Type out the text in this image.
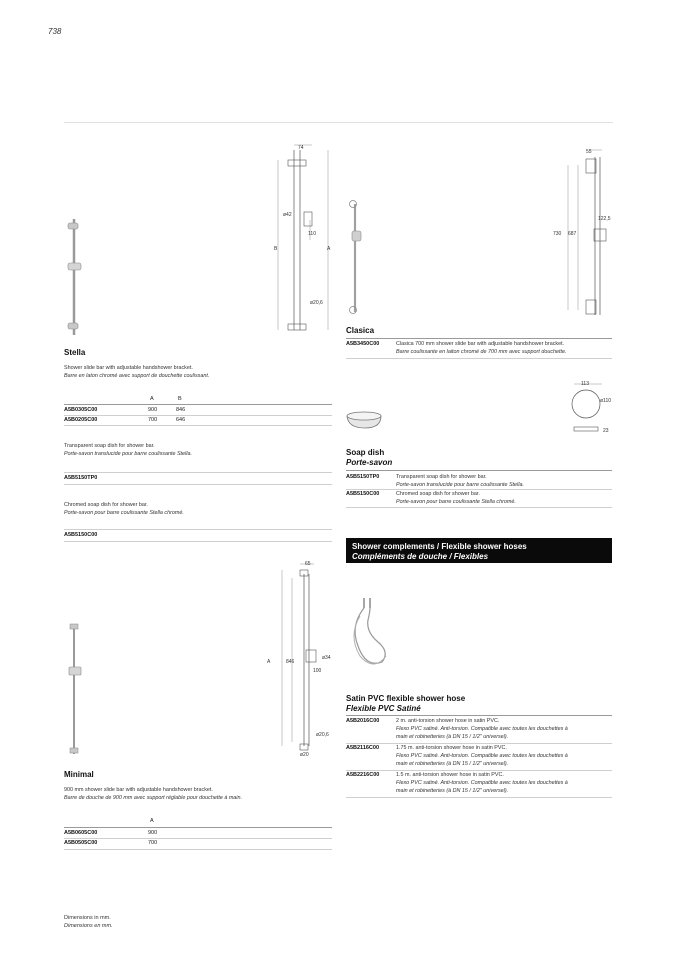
738
74
ø42
110
ø20,6
B	A
Stella
Shower slide bar with adjustable handshower bracket.
Barre en laton chromé avec support de douchette coulissant.
A	B
A5B0305C00	900	846
A5B0205C00	700	646
Transparent soap dish for shower bar.
Porte-savon translucide pour barre coulissante Stella.
A5B5150TP0
Chromed soap dish for shower bar.
Porte-savon pour barre coulissante Stella chromé.
A5B5150C00
55
122,5
730 687
Clasica
A5B3450C00	Clasica 700 mm shower slide bar with adjustable handshower bracket.
Barre coulissante en laiton chromé de 700 mm avec support douchette.
113
ø110
23
Soap dish
Porte-savon
A5B5150TP0	Transparent soap dish for shower bar.
Porte-savon translucide pour barre coulissante Stella.
A5B5150C00	Chromed soap dish for shower bar.
Porte-savon pour barre coulissante Stella chromé.
Shower complements / Flexible shower hoses
Compléments de douche / Flexibles
Satin PVC flexible shower hose
Flexible PVC Satiné
A5B2016C00	2 m. anti-torsion shower hose in satin PVC.
Flexo PVC satiné. Anti-torsion. Compatible avec toutes les douchettes à
main et robinetteries (à DN 15 / 1/2" universel).
A5B2116C00	1.75 m. anti-torsion shower hose in satin PVC.
Flexo PVC satiné. Anti-torsion. Compatible avec toutes les douchettes à
main et robinetteries (à DN 15 / 1/2" universel).
A5B2216C00	1.5 m. anti-torsion shower hose in satin PVC.
Flexo PVC satiné. Anti-torsion. Compatible avec toutes les douchettes à
main et robinetteries (à DN 15 / 1/2" universel).
65
A	846
ø34
100
ø20,6
ø20
Minimal
900 mm shower slide bar with adjustable handshower bracket.
Barre de douche de 900 mm avec support réglable pour douchette à main.
A
A5B0605C00	900
A5B0505C00	700
Dimensions in mm.
Dimensions en mm.
